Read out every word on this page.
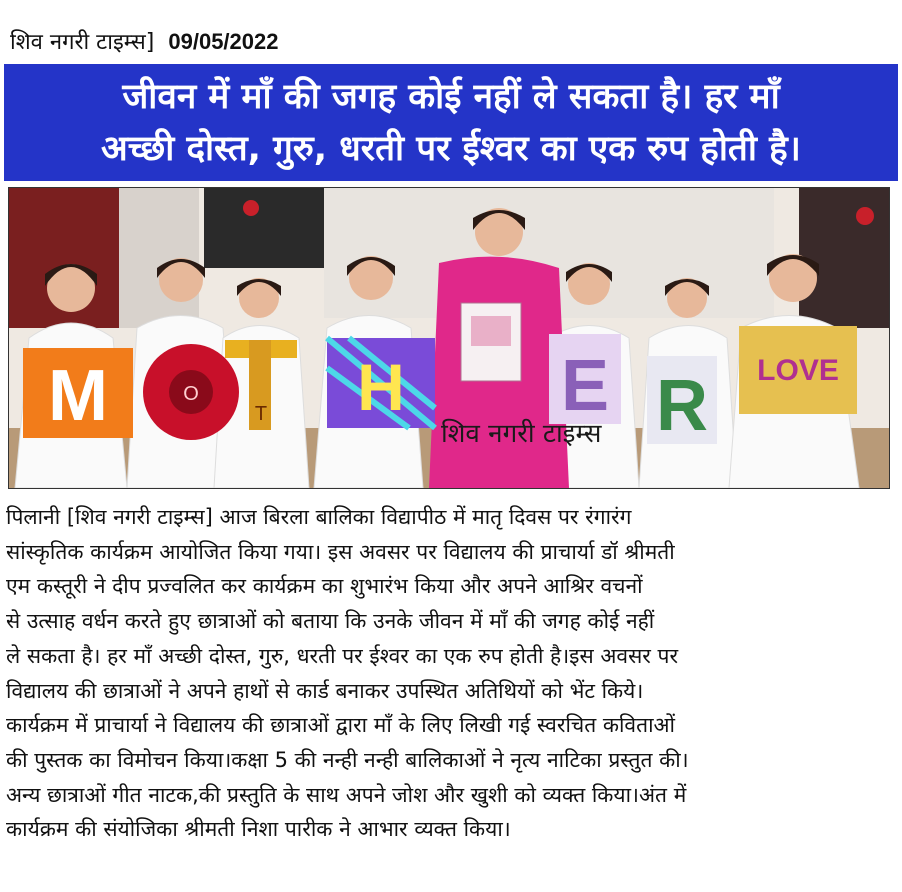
शिव नगरी टाइम्स] 09/05/2022
जीवन में माँ की जगह कोई नहीं ले सकता है। हर माँ
अच्छी दोस्त, गुरु, धरती पर ईश्वर का एक रुप होती है।
M	O
T H E R LOVE
शिव नगरी टाइम्स

पिलानी [शिव नगरी टाइम्स] आज बिरला बालिका विद्यापीठ में मातृ दिवस पर रंगारंग

सांस्कृतिक कार्यक्रम आयोजित किया गया। इस अवसर पर विद्यालय की प्राचार्या डॉ श्रीमती

एम कस्तूरी ने दीप प्रज्वलित कर कार्यक्रम का शुभारंभ किया और अपने आश्रिर वचनों

से उत्साह वर्धन करते हुए छात्राओं को बताया कि उनके जीवन में माँ की जगह कोई नहीं

ले सकता है। हर माँ अच्छी दोस्त, गुरु, धरती पर ईश्वर का एक रुप होती है।इस अवसर पर

विद्यालय की छात्राओं ने अपने हाथों से कार्ड बनाकर उपस्थित अतिथियों को भेंट किये।

कार्यक्रम में प्राचार्या ने विद्यालय की छात्राओं द्वारा माँ के लिए लिखी गई स्वरचित कविताओं

की पुस्तक का विमोचन किया।कक्षा 5 की नन्ही नन्ही बालिकाओं ने नृत्य नाटिका प्रस्तुत की।

अन्य छात्राओं गीत नाटक,की प्रस्तुति के साथ अपने जोश और खुशी को व्यक्त किया।अंत में

कार्यक्रम की संयोजिका श्रीमती निशा पारीक ने आभार व्यक्त किया।
